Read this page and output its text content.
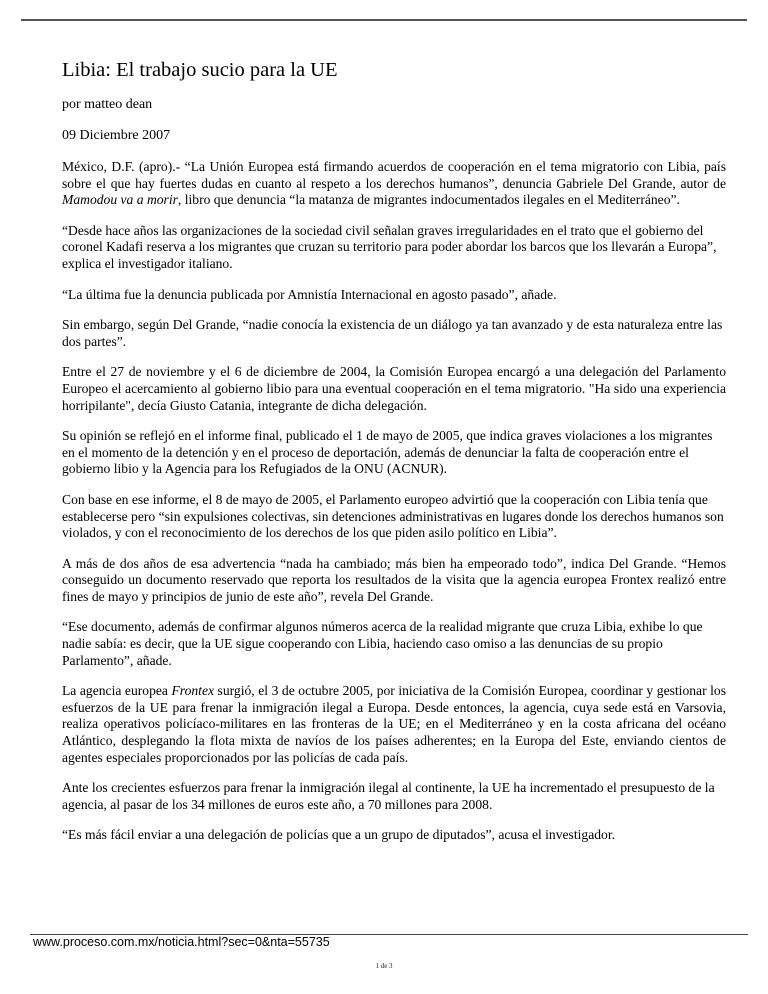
Libia: El trabajo sucio para la UE
por matteo dean
09 Diciembre 2007

México, D.F. (apro).- “La Unión Europea está firmando acuerdos de cooperación en el tema migratorio con Libia, país sobre el que hay fuertes dudas en cuanto al respeto a los derechos humanos”, denuncia Gabriele Del Grande, autor de Mamodou va a morir, libro que denuncia “la matanza de migrantes indocumentados ilegales en el Mediterráneo”.

“Desde hace años las organizaciones de la sociedad civil señalan graves irregularidades en el trato que el gobierno del coronel Kadafi reserva a los migrantes que cruzan su territorio para poder abordar los barcos que los llevarán a Europa”, explica el investigador italiano.

“La última fue la denuncia publicada por Amnistía Internacional en agosto pasado”, añade.

Sin embargo, según Del Grande, “nadie conocía la existencia de un diálogo ya tan avanzado y de esta naturaleza entre las dos partes”.

Entre el 27 de noviembre y el 6 de diciembre de 2004, la Comisión Europea encargó a una delegación del Parlamento Europeo el acercamiento al gobierno libio para una eventual cooperación en el tema migratorio. "Ha sido una experiencia horripilante", decía Giusto Catania, integrante de dicha delegación.

Su opinión se reflejó en el informe final, publicado el 1 de mayo de 2005, que indica graves violaciones a los migrantes en el momento de la detención y en el proceso de deportación, además de denunciar la falta de cooperación entre el gobierno libio y la Agencia para los Refugiados de la ONU (ACNUR).

Con base en ese informe, el 8 de mayo de 2005, el Parlamento europeo advirtió que la cooperación con Libia tenía que establecerse pero “sin expulsiones colectivas, sin detenciones administrativas en lugares donde los derechos humanos son violados, y con el reconocimiento de los derechos de los que piden asilo político en Libia”.

A más de dos años de esa advertencia “nada ha cambiado; más bien ha empeorado todo”, indica Del Grande. “Hemos conseguido un documento reservado que reporta los resultados de la visita que la agencia europea Frontex realizó entre fines de mayo y principios de junio de este año”, revela Del Grande.

“Ese documento, además de confirmar algunos números acerca de la realidad migrante que cruza Libia, exhibe lo que nadie sabía: es decir, que la UE sigue cooperando con Libia, haciendo caso omiso a las denuncias de su propio Parlamento”, añade.

La agencia europea Frontex surgió, el 3 de octubre 2005, por iniciativa de la Comisión Europea, coordinar y gestionar los esfuerzos de la UE para frenar la inmigración ilegal a Europa. Desde entonces, la agencia, cuya sede está en Varsovia, realiza operativos policíaco-militares en las fronteras de la UE; en el Mediterráneo y en la costa africana del océano Atlántico, desplegando la flota mixta de navíos de los países adherentes; en la Europa del Este, enviando cientos de agentes especiales proporcionados por las policías de cada país.

Ante los crecientes esfuerzos para frenar la inmigración ilegal al continente, la UE ha incrementado el presupuesto de la agencia, al pasar de los 34 millones de euros este año, a 70 millones para 2008.

“Es más fácil enviar a una delegación de policías que a un grupo de diputados”, acusa el investigador.

www.proceso.com.mx/noticia.html?sec=0&nta=55735
1 de 3
